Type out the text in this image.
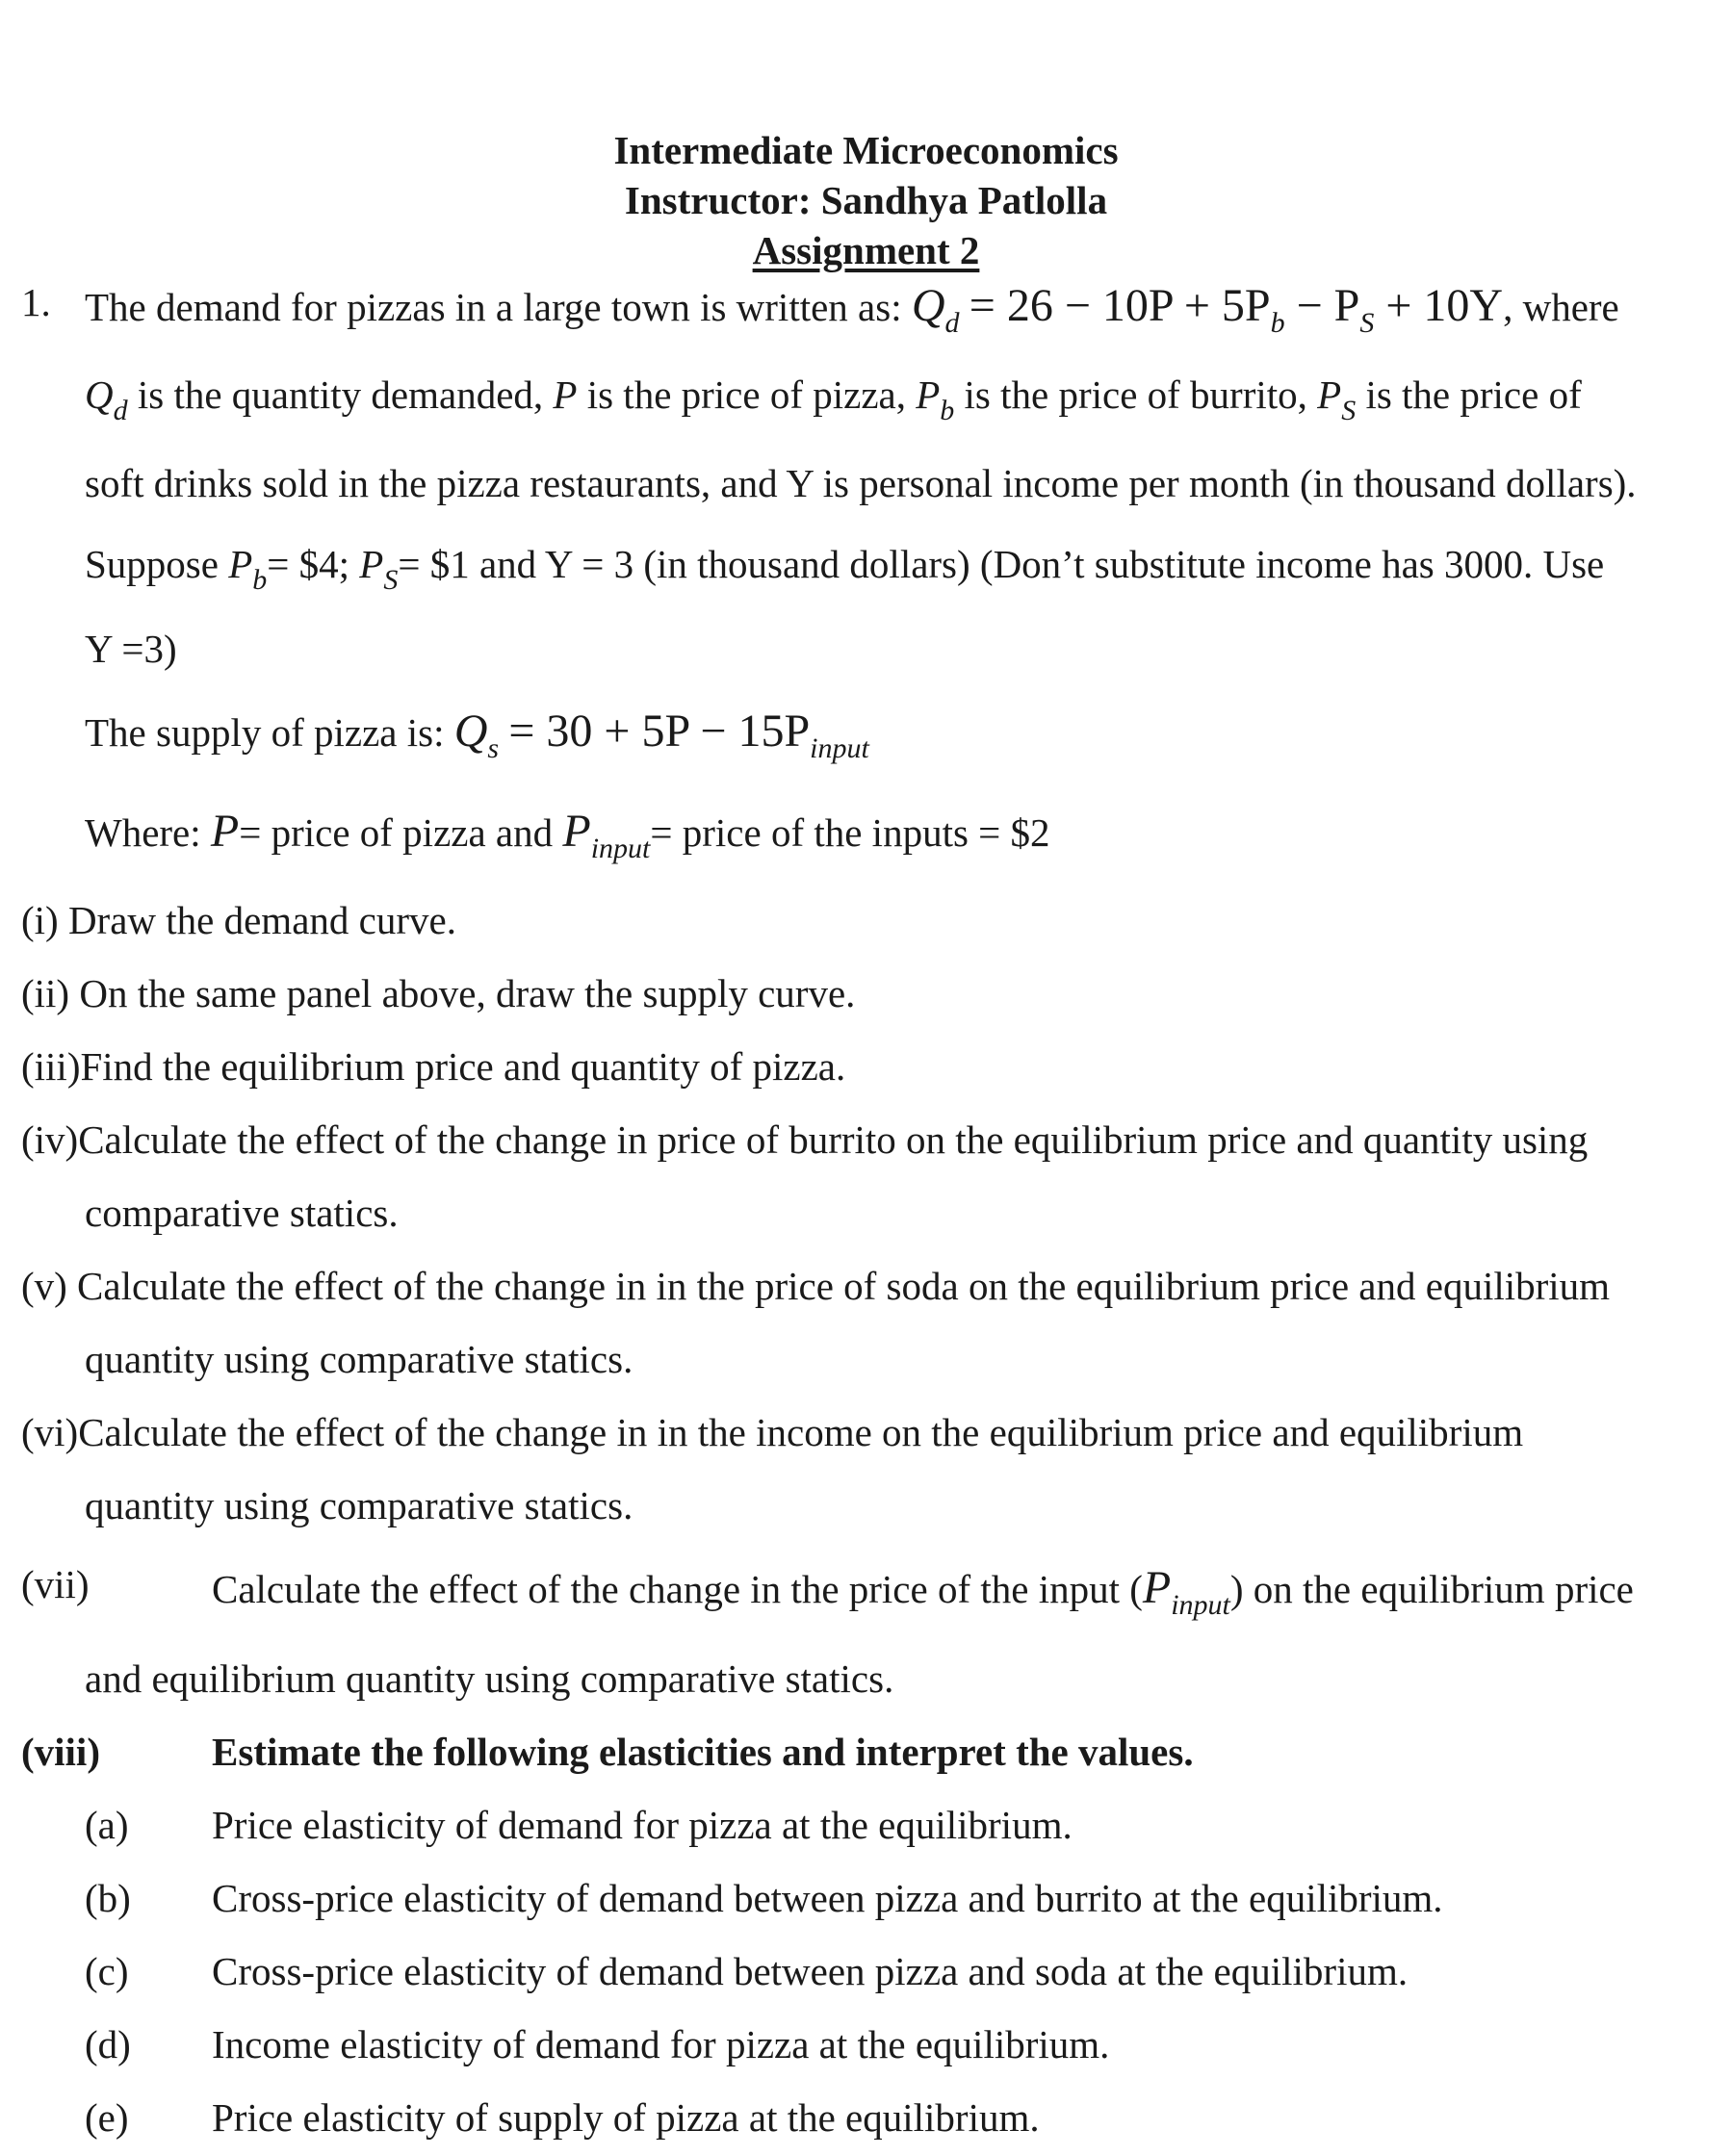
Intermediate Microeconomics
Instructor: Sandhya Patlolla
Assignment 2
1. The demand for pizzas in a large town is written as: $Q_d = 26 - 10P + 5P_b - P_S + 10Y$, where
$Q_d$ is the quantity demanded, P is the price of pizza, $P_b$ is the price of burrito, $P_S$ is the price of
soft drinks sold in the pizza restaurants, and Y is personal income per month (in thousand dollars).
Suppose $P_b=$ $4; $P_S=$ $1 and Y = 3 (in thousand dollars) (Don’t substitute income has 3000. Use
Y =3)
The supply of pizza is: $Q_s = 30 + 5P - 15P_{input}$
Where: P= price of pizza and $P_{input}=$ price of the inputs = $2
(i) Draw the demand curve.
(ii) On the same panel above, draw the supply curve.
(iii)Find the equilibrium price and quantity of pizza.
(iv)Calculate the effect of the change in price of burrito on the equilibrium price and quantity using
comparative statics.
(v) Calculate the effect of the change in in the price of soda on the equilibrium price and equilibrium
quantity using comparative statics.
(vi)Calculate the effect of the change in in the income on the equilibrium price and equilibrium
quantity using comparative statics.
(vii)	Calculate the effect of the change in the price of the input $(P_{input})$ on the equilibrium price
and equilibrium quantity using comparative statics.
(viii)	Estimate the following elasticities and interpret the values.
(a) Price elasticity of demand for pizza at the equilibrium.
(b) Cross-price elasticity of demand between pizza and burrito at the equilibrium.
(c) Cross-price elasticity of demand between pizza and soda at the equilibrium.
(d) Income elasticity of demand for pizza at the equilibrium.
(e) Price elasticity of supply of pizza at the equilibrium.
